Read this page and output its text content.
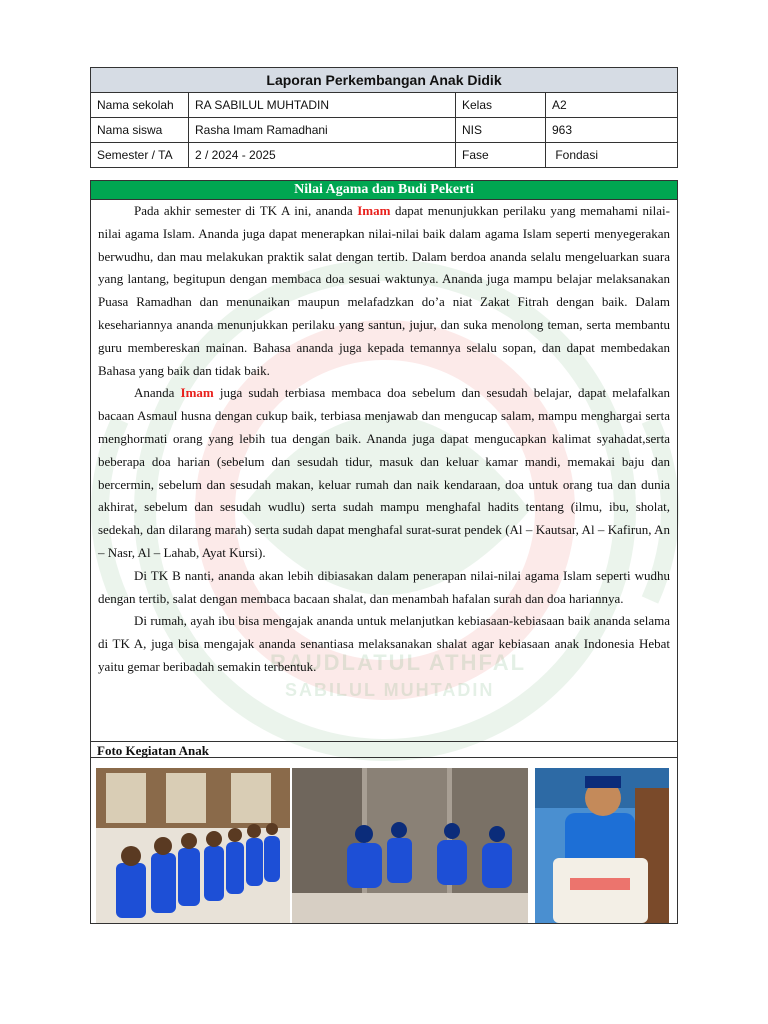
RAUDLATUL ATHFAL
SABILUL MUHTADIN
Laporan Perkembangan Anak Didik			
Nama sekolah	RA SABILUL MUHTADIN	Kelas	A2
Nama siswa	Rasha Imam Ramadhani	NIS	963
Semester / TA	2 / 2024 - 2025	Fase	Fondasi
Nilai Agama dan Budi Pekerti

Pada akhir semester di TK A ini, ananda Imam dapat menunjukkan perilaku yang memahami nilai-nilai agama Islam. Ananda juga dapat menerapkan nilai-nilai baik dalam agama Islam seperti menyegerakan berwudhu, dan mau melakukan praktik salat dengan tertib. Dalam berdoa ananda selalu mengeluarkan suara yang lantang, begitupun dengan membaca doa sesuai waktunya. Ananda juga mampu belajar melaksanakan Puasa Ramadhan dan menunaikan maupun melafadzkan do’a niat Zakat Fitrah dengan baik. Dalam kesehariannya ananda menunjukkan perilaku yang santun, jujur, dan suka menolong teman, serta membantu guru membereskan mainan. Bahasa ananda juga kepada temannya selalu sopan, dan dapat membedakan Bahasa yang baik dan tidak baik.

Ananda Imam juga sudah terbiasa membaca doa sebelum dan sesudah belajar, dapat melafalkan bacaan Asmaul husna dengan cukup baik, terbiasa menjawab dan mengucap salam, mampu menghargai serta menghormati orang yang lebih tua dengan baik. Ananda juga dapat mengucapkan kalimat syahadat,serta beberapa doa harian (sebelum dan sesudah tidur, masuk dan keluar kamar mandi, memakai baju dan bercermin, sebelum dan sesudah makan, keluar rumah dan naik kendaraan, doa untuk orang tua dan dunia akhirat, sebelum dan sesudah wudlu) serta sudah mampu menghafal hadits tentang (ilmu, ibu, sholat, sedekah, dan dilarang marah) serta sudah dapat menghafal surat-surat pendek (Al – Kautsar, Al – Kafirun, An – Nasr, Al – Lahab, Ayat Kursi).

Di TK B nanti, ananda akan lebih dibiasakan dalam penerapan nilai-nilai agama Islam seperti wudhu dengan tertib, salat dengan membaca bacaan shalat, dan menambah hafalan surah dan doa hariannya.

Di rumah, ayah ibu bisa mengajak ananda untuk melanjutkan kebiasaan-kebiasaan baik ananda selama di TK A, juga bisa mengajak ananda senantiasa melaksanakan shalat agar kebiasaan anak Indonesia Hebat yaitu gemar beribadah semakin terbentuk.

Foto Kegiatan Anak
